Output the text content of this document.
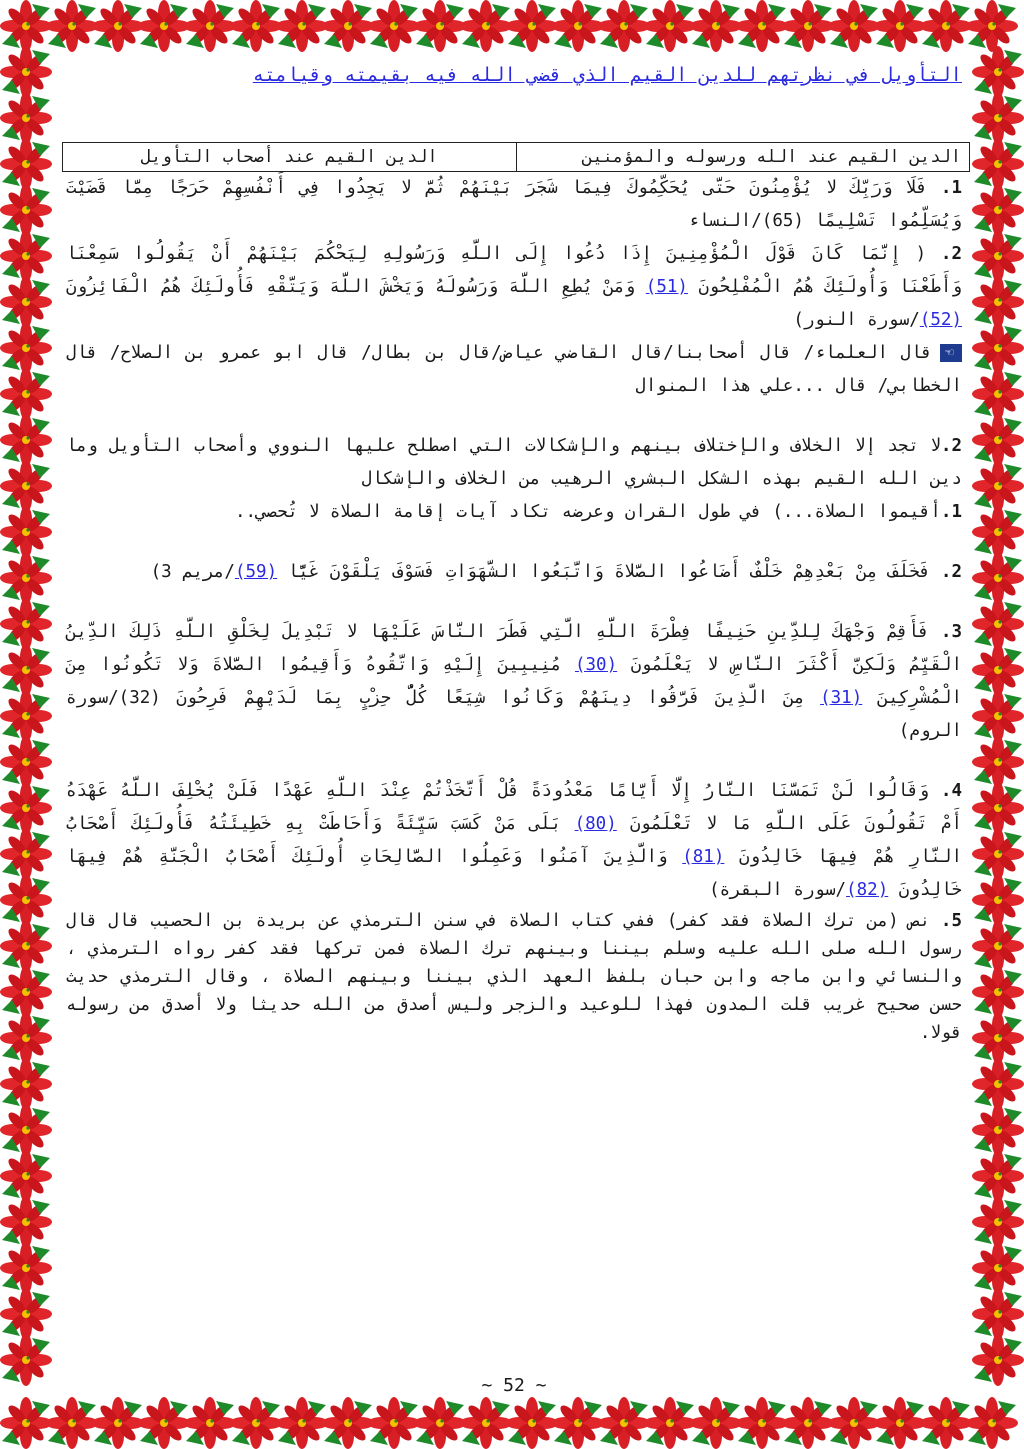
التأويل في نظرتهم للدين القيم الذي قضي الله فيه بقيمته وقيامته
الدين القيم عند الله ورسوله والمؤمنين	الدين القيم عند أصحاب التأويل

1. فَلَا وَرَبِّكَ لا يُؤْمِنُونَ حَتَّى يُحَكِّمُوكَ فِيمَا شَجَرَ بَيْنَهُمْ ثُمَّ لا يَجِدُوا فِي أَنْفُسِهِمْ حَرَجًا مِمَّا قَضَيْتَ وَيُسَلِّمُوا تَسْلِيمًا (65)/النساء

2. ( إِنَّمَا كَانَ قَوْلَ الْمُؤْمِنِينَ إِذَا دُعُوا إِلَى اللَّهِ وَرَسُولِهِ لِيَحْكُمَ بَيْنَهُمْ أَنْ يَقُولُوا سَمِعْنَا وَأَطَعْنَا وَأُولَئِكَ هُمُ الْمُفْلِحُونَ (51) وَمَنْ يُطِعِ اللَّهَ وَرَسُولَهُ وَيَخْشَ اللَّهَ وَيَتَّقْهِ فَأُولَئِكَ هُمُ الْفَائِزُونَ (52)/سورة النور)

☜قال العلماء/ قال أصحابنا/قال القاضي عياض/قال بن بطال/ قال ابو عمرو بن الصلاح/ قال الخطابي/ قال ...علي هذا المنوال

2.لا تجد إلا الخلاف والإختلاف بينهم والإشكالات التي اصطلح عليها النووي وأصحاب التأويل وما دين الله القيم بهذه الشكل البشري الرهيب من الخلاف والإشكال

1.أقيموا الصلاة...) في طول القران وعرضه تكاد آيات إقامة الصلاة لا تُحصي..

2. فَخَلَفَ مِنْ بَعْدِهِمْ خَلْفٌ أَضَاعُوا الصَّلاةَ وَاتَّبَعُوا الشَّهَوَاتِ فَسَوْفَ يَلْقَوْنَ غَيًّا (59)/مريم 3)

3. فَأَقِمْ وَجْهَكَ لِلدِّينِ حَنِيفًا فِطْرَةَ اللَّهِ الَّتِي فَطَرَ النَّاسَ عَلَيْهَا لا تَبْدِيلَ لِخَلْقِ اللَّهِ ذَلِكَ الدِّينُ الْقَيِّمُ وَلَكِنَّ أَكْثَرَ النَّاسِ لا يَعْلَمُونَ (30) مُنِيبِينَ إِلَيْهِ وَاتَّقُوهُ وَأَقِيمُوا الصَّلاةَ وَلا تَكُونُوا مِنَ الْمُشْرِكِينَ (31) مِنَ الَّذِينَ فَرَّقُوا دِينَهُمْ وَكَانُوا شِيَعًا كُلُّ حِزْبٍ بِمَا لَدَيْهِمْ فَرِحُونَ (32)/سورة الروم)

4. وَقَالُوا لَنْ تَمَسَّنَا النَّارُ إِلَّا أَيَّامًا مَعْدُودَةً قُلْ أَتَّخَذْتُمْ عِنْدَ اللَّهِ عَهْدًا فَلَنْ يُخْلِفَ اللَّهُ عَهْدَهُ أَمْ تَقُولُونَ عَلَى اللَّهِ مَا لا تَعْلَمُونَ (80) بَلَى مَنْ كَسَبَ سَيِّئَةً وَأَحَاطَتْ بِهِ خَطِيئَتُهُ فَأُولَئِكَ أَصْحَابُ النَّارِ هُمْ فِيهَا خَالِدُونَ (81) وَالَّذِينَ آمَنُوا وَعَمِلُوا الصَّالِحَاتِ أُولَئِكَ أَصْحَابُ الْجَنَّةِ هُمْ فِيهَا خَالِدُونَ (82)/سورة البقرة)

5. نص (من ترك الصلاة فقد كفر) ففي كتاب الصلاة في سنن الترمذي عن بريدة بن الحصيب قال قال رسول الله صلى الله عليه وسلم بيننا وبينهم ترك الصلاة فمن تركها فقد كفر رواه الترمذي ، والنسائي وابن ماجه وابن حبان بلفظ العهد الذي بيننا وبينهم الصلاة ، وقال الترمذي حديث حسن صحيح غريب قلت المدون فهذا للوعيد والزجر وليس أصدق من الله حديثا ولا أصدق من رسوله قولا.

~ 52 ~
